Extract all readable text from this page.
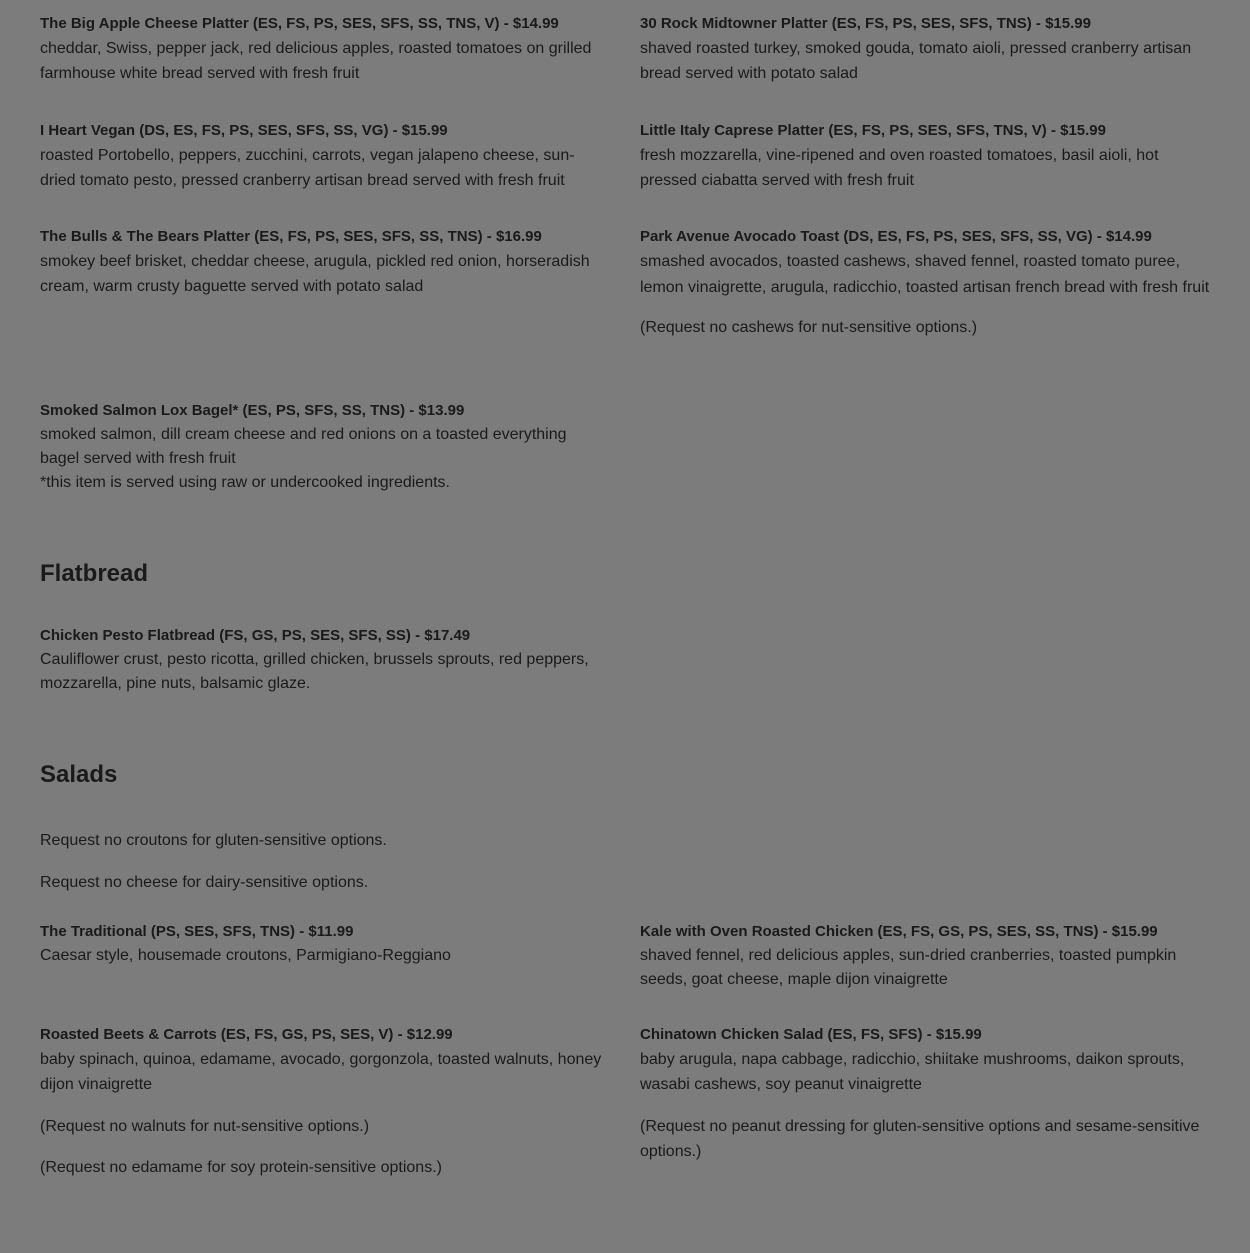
The Big Apple Cheese Platter (ES, FS, PS, SES, SFS, SS, TNS, V) - $14.99

cheddar, Swiss, pepper jack, red delicious apples, roasted tomatoes on grilled farmhouse white bread served with fresh fruit

30 Rock Midtowner Platter (ES, FS, PS, SES, SFS, TNS) - $15.99

shaved roasted turkey, smoked gouda, tomato aioli, pressed cranberry artisan bread served with potato salad

I Heart Vegan (DS, ES, FS, PS, SES, SFS, SS, VG) - $15.99

roasted Portobello, peppers, zucchini, carrots, vegan jalapeno cheese, sun-dried tomato pesto, pressed cranberry artisan bread served with fresh fruit

Little Italy Caprese Platter (ES, FS, PS, SES, SFS, TNS, V) - $15.99

fresh mozzarella, vine-ripened and oven roasted tomatoes, basil aioli, hot pressed ciabatta served with fresh fruit

The Bulls & The Bears Platter (ES, FS, PS, SES, SFS, SS, TNS) - $16.99

smokey beef brisket, cheddar cheese, arugula, pickled red onion, horseradish cream, warm crusty baguette served with potato salad

Park Avenue Avocado Toast (DS, ES, FS, PS, SES, SFS, SS, VG) - $14.99

smashed avocados, toasted cashews, shaved fennel, roasted tomato puree, lemon vinaigrette, arugula, radicchio, toasted artisan french bread with fresh fruit

(Request no cashews for nut-sensitive options.)

Smoked Salmon Lox Bagel* (ES, PS, SFS, SS, TNS) - $13.99

smoked salmon, dill cream cheese and red onions on a toasted everything bagel served with fresh fruit

*this item is served using raw or undercooked ingredients.

Flatbread

Chicken Pesto Flatbread (FS, GS, PS, SES, SFS, SS) - $17.49

Cauliflower crust, pesto ricotta, grilled chicken, brussels sprouts, red peppers, mozzarella, pine nuts, balsamic glaze.

Salads

Request no croutons for gluten-sensitive options.

Request no cheese for dairy-sensitive options.

The Traditional (PS, SES, SFS, TNS) - $11.99

Caesar style, housemade croutons, Parmigiano-Reggiano

Kale with Oven Roasted Chicken (ES, FS, GS, PS, SES, SS, TNS) - $15.99

shaved fennel, red delicious apples, sun-dried cranberries, toasted pumpkin seeds, goat cheese, maple dijon vinaigrette

Roasted Beets & Carrots (ES, FS, GS, PS, SES, V) - $12.99

baby spinach, quinoa, edamame, avocado, gorgonzola, toasted walnuts, honey dijon vinaigrette

(Request no walnuts for nut-sensitive options.)

(Request no edamame for soy protein-sensitive options.)

Chinatown Chicken Salad (ES, FS, SFS) - $15.99

baby arugula, napa cabbage, radicchio, shiitake mushrooms, daikon sprouts, wasabi cashews, soy peanut vinaigrette

(Request no peanut dressing for gluten-sensitive options and sesame-sensitive options.)
